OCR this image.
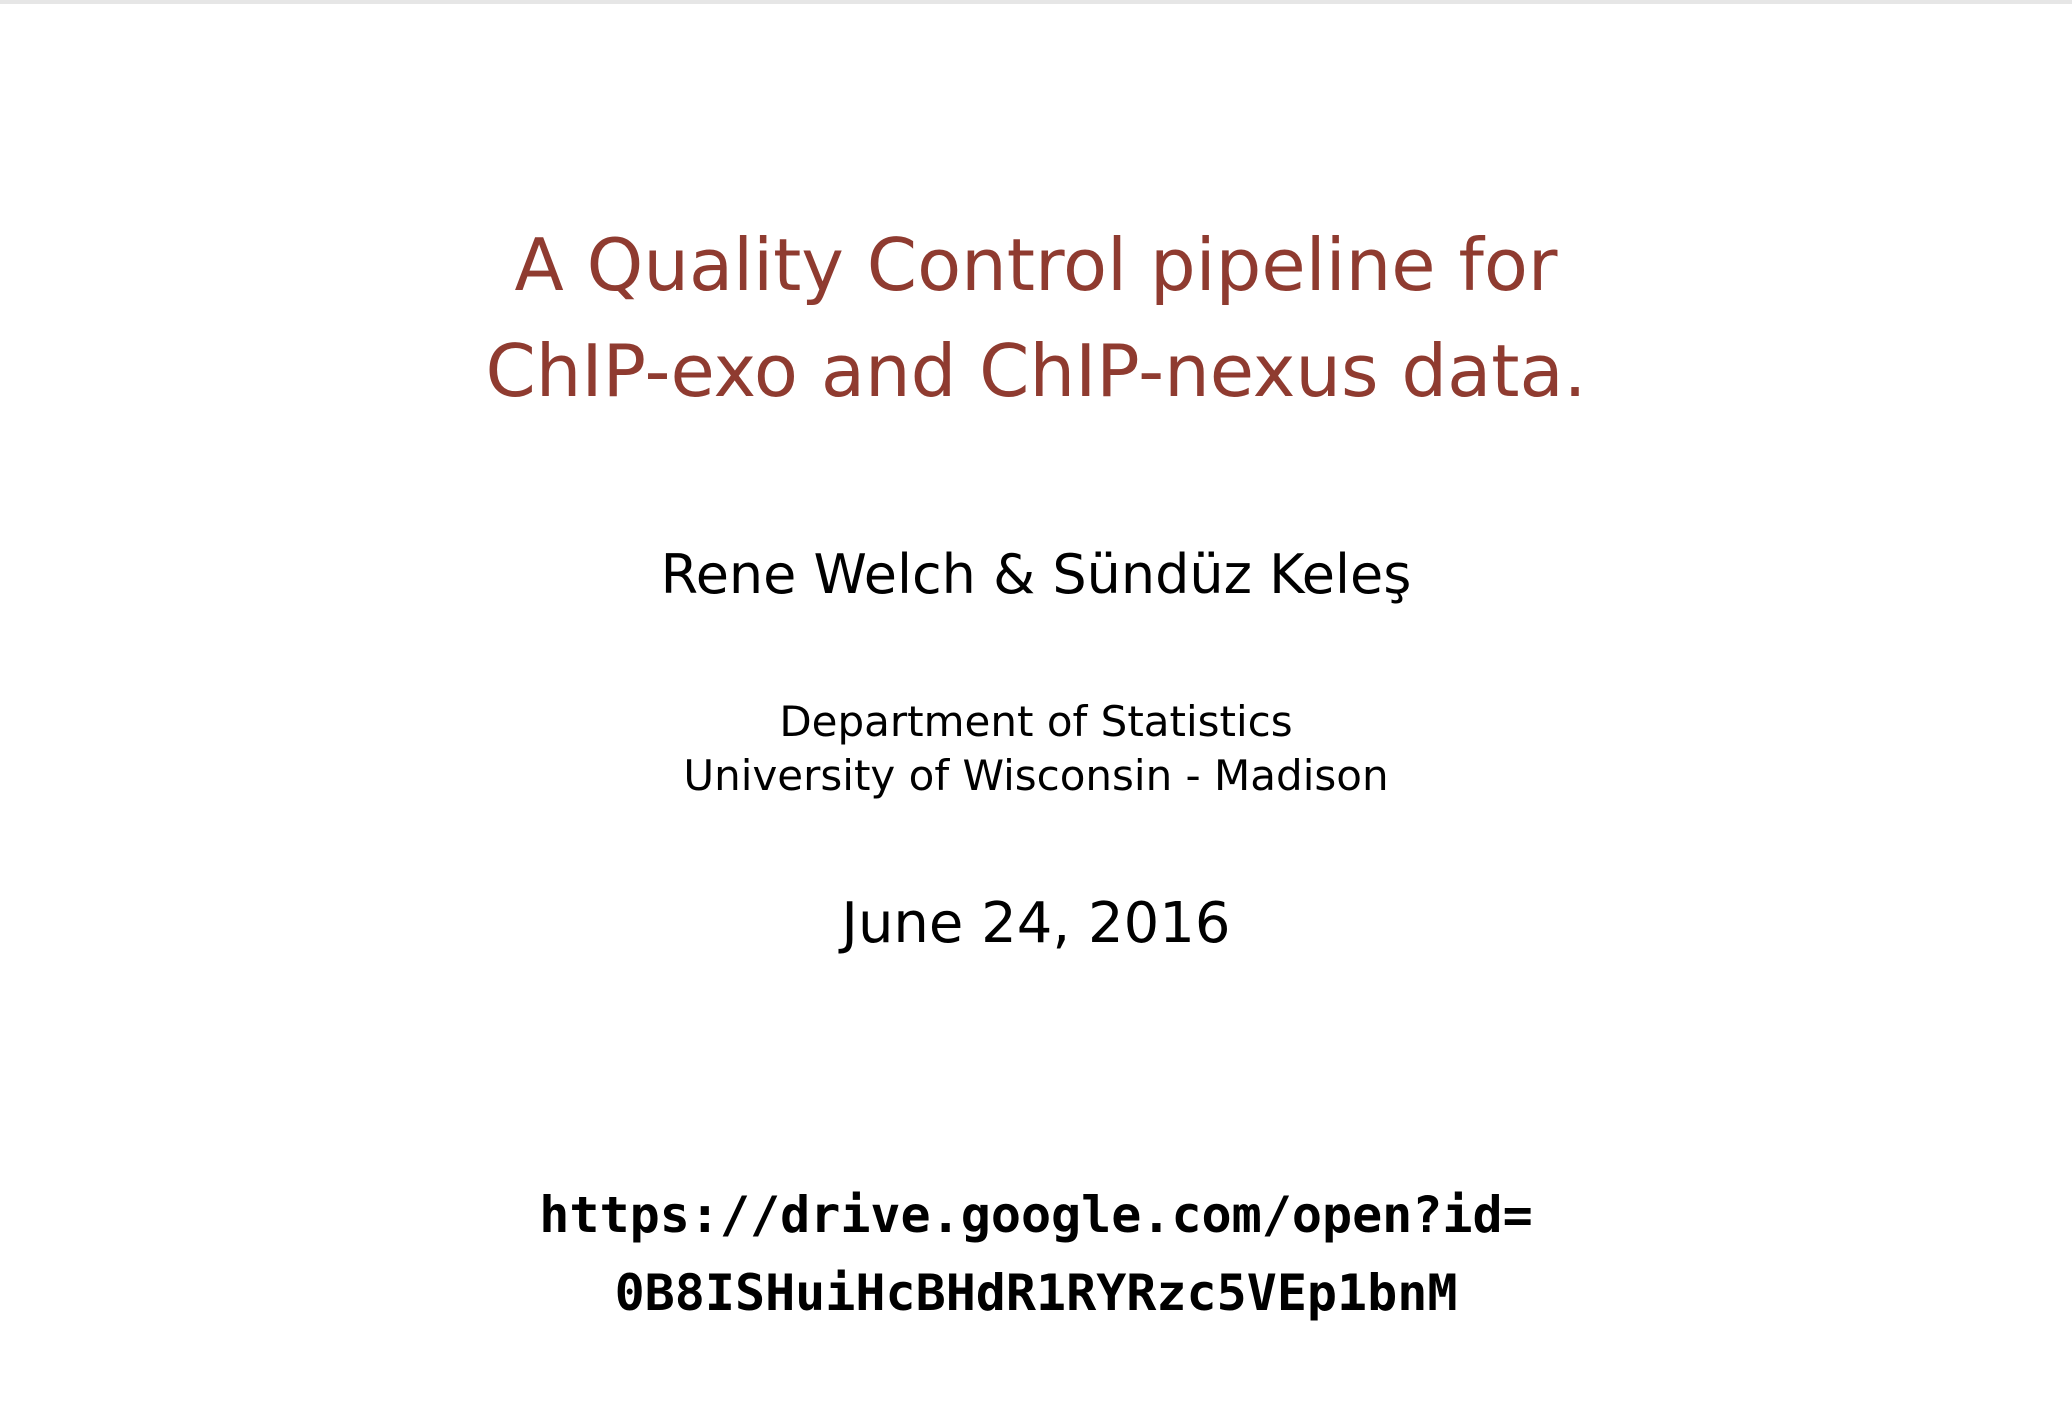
A Quality Control pipeline for
ChIP-exo and ChIP-nexus data.
Rene Welch & Sündüz Keleş
Department of Statistics
University of Wisconsin - Madison
June 24, 2016
https://drive.google.com/open?id=
0B8ISHuiHcBHdR1RYRzc5VEp1bnM
